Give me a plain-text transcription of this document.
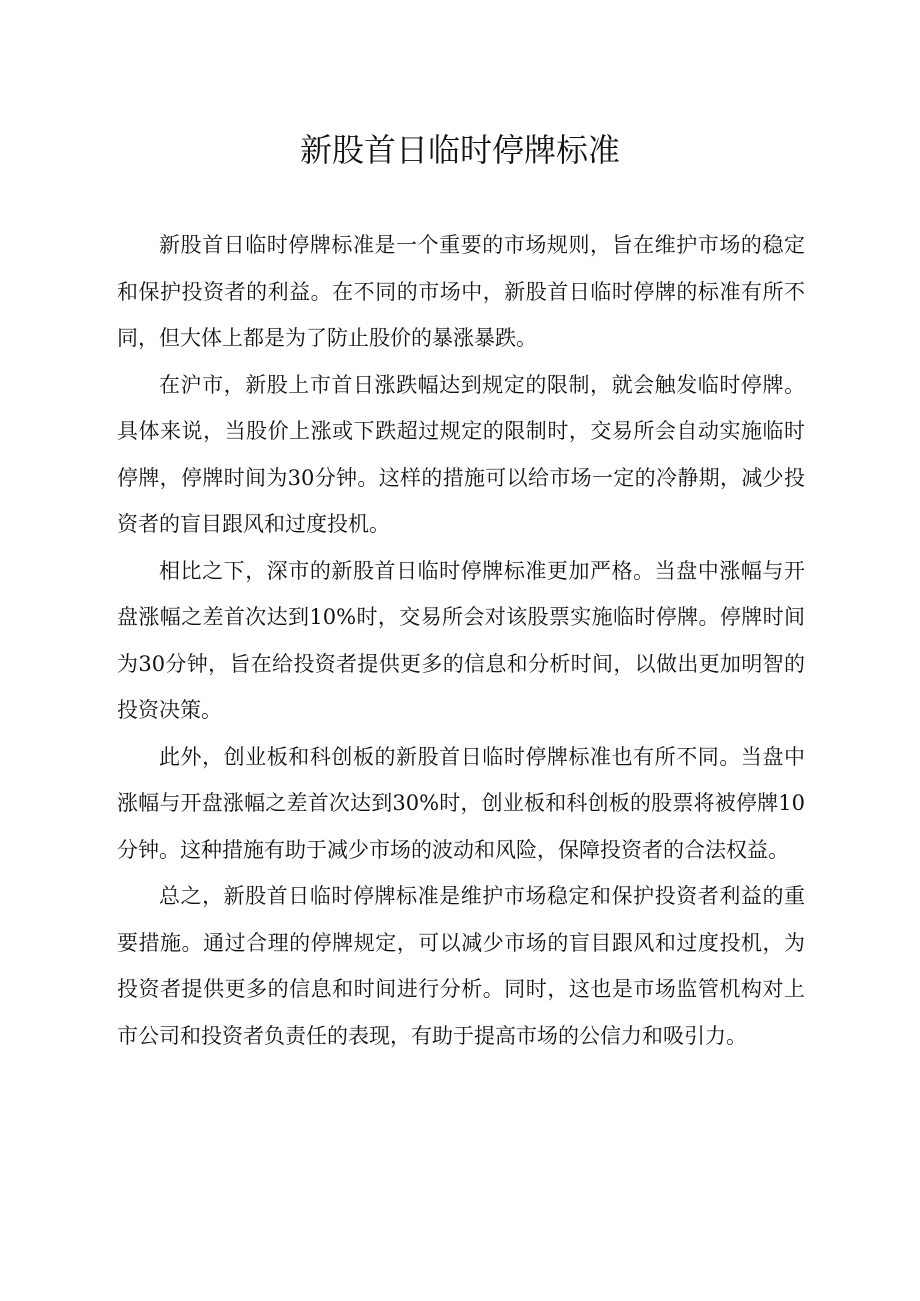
新股首日临时停牌标准

新股首日临时停牌标准是一个重要的市场规则，旨在维护市场的稳定和保护投资者的利益。在不同的市场中，新股首日临时停牌的标准有所不同，但大体上都是为了防止股价的暴涨暴跌。

在沪市，新股上市首日涨跌幅达到规定的限制，就会触发临时停牌。具体来说，当股价上涨或下跌超过规定的限制时，交易所会自动实施临时停牌，停牌时间为30分钟。这样的措施可以给市场一定的冷静期，减少投资者的盲目跟风和过度投机。

相比之下，深市的新股首日临时停牌标准更加严格。当盘中涨幅与开盘涨幅之差首次达到10%时，交易所会对该股票实施临时停牌。停牌时间为30分钟，旨在给投资者提供更多的信息和分析时间，以做出更加明智的投资决策。

此外，创业板和科创板的新股首日临时停牌标准也有所不同。当盘中涨幅与开盘涨幅之差首次达到30%时，创业板和科创板的股票将被停牌10分钟。这种措施有助于减少市场的波动和风险，保障投资者的合法权益。

总之，新股首日临时停牌标准是维护市场稳定和保护投资者利益的重要措施。通过合理的停牌规定，可以减少市场的盲目跟风和过度投机，为投资者提供更多的信息和时间进行分析。同时，这也是市场监管机构对上市公司和投资者负责任的表现，有助于提高市场的公信力和吸引力。
